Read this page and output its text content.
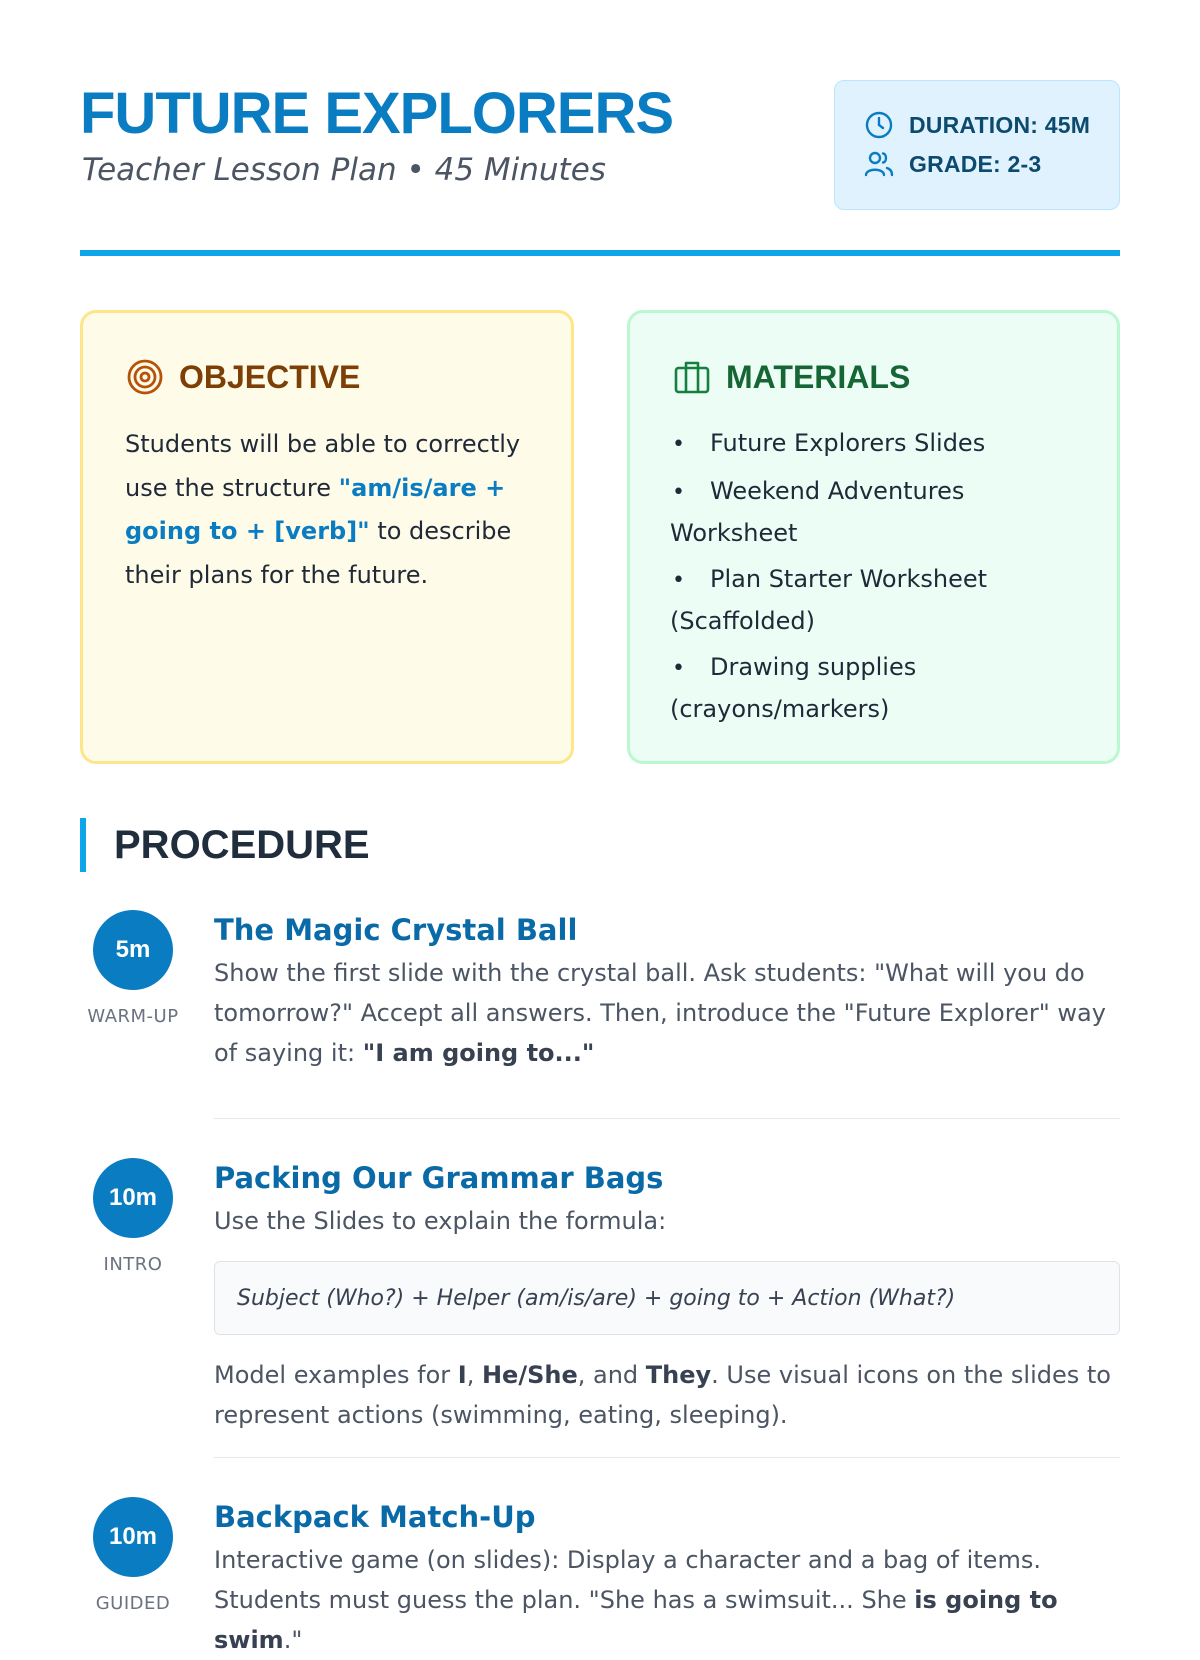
FUTURE EXPLORERS
Teacher Lesson Plan • 45 Minutes
DURATION: 45M
GRADE: 2-3
OBJECTIVE
Students will be able to correctly use the structure "am/is/are + going to + [verb]" to describe their plans for the future.
MATERIALS
• Future Explorers Slides
• Weekend Adventures Worksheet
• Plan Starter Worksheet (Scaffolded)
• Drawing supplies (crayons/markers)
PROCEDURE
5m
WARM-UP

The Magic Crystal Ball

Show the first slide with the crystal ball. Ask students: "What will you do tomorrow?" Accept all answers. Then, introduce the "Future Explorer" way of saying it: "I am going to..."

10m
INTRO

Packing Our Grammar Bags

Use the Slides to explain the formula:

Subject (Who?) + Helper (am/is/are) + going to + Action (What?)

Model examples for I, He/She, and They. Use visual icons on the slides to represent actions (swimming, eating, sleeping).

10m
GUIDED

Backpack Match-Up

Interactive game (on slides): Display a character and a bag of items.

Students must guess the plan. "She has a swimsuit... She is going to swim."
